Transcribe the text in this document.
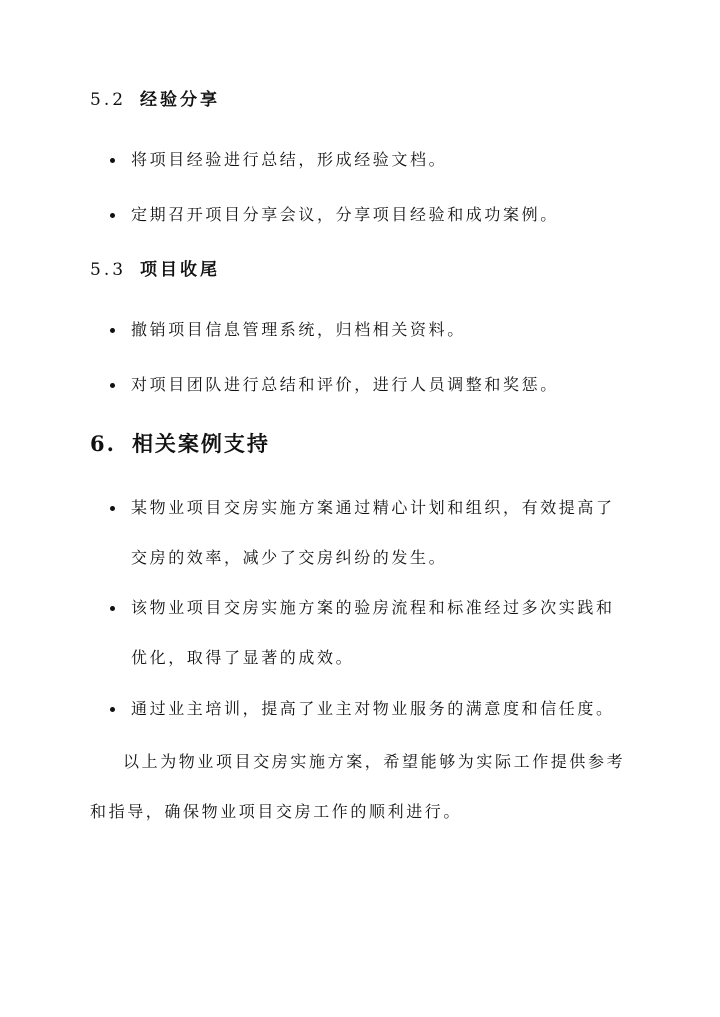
5.2 经验分享
将项目经验进行总结，形成经验文档。
定期召开项目分享会议，分享项目经验和成功案例。
5.3 项目收尾
撤销项目信息管理系统，归档相关资料。
对项目团队进行总结和评价，进行人员调整和奖惩。
6. 相关案例支持
某物业项目交房实施方案通过精心计划和组织，有效提高了
交房的效率，减少了交房纠纷的发生。
该物业项目交房实施方案的验房流程和标准经过多次实践和
优化，取得了显著的成效。
通过业主培训，提高了业主对物业服务的满意度和信任度。
以上为物业项目交房实施方案，希望能够为实际工作提供参考
和指导，确保物业项目交房工作的顺利进行。
